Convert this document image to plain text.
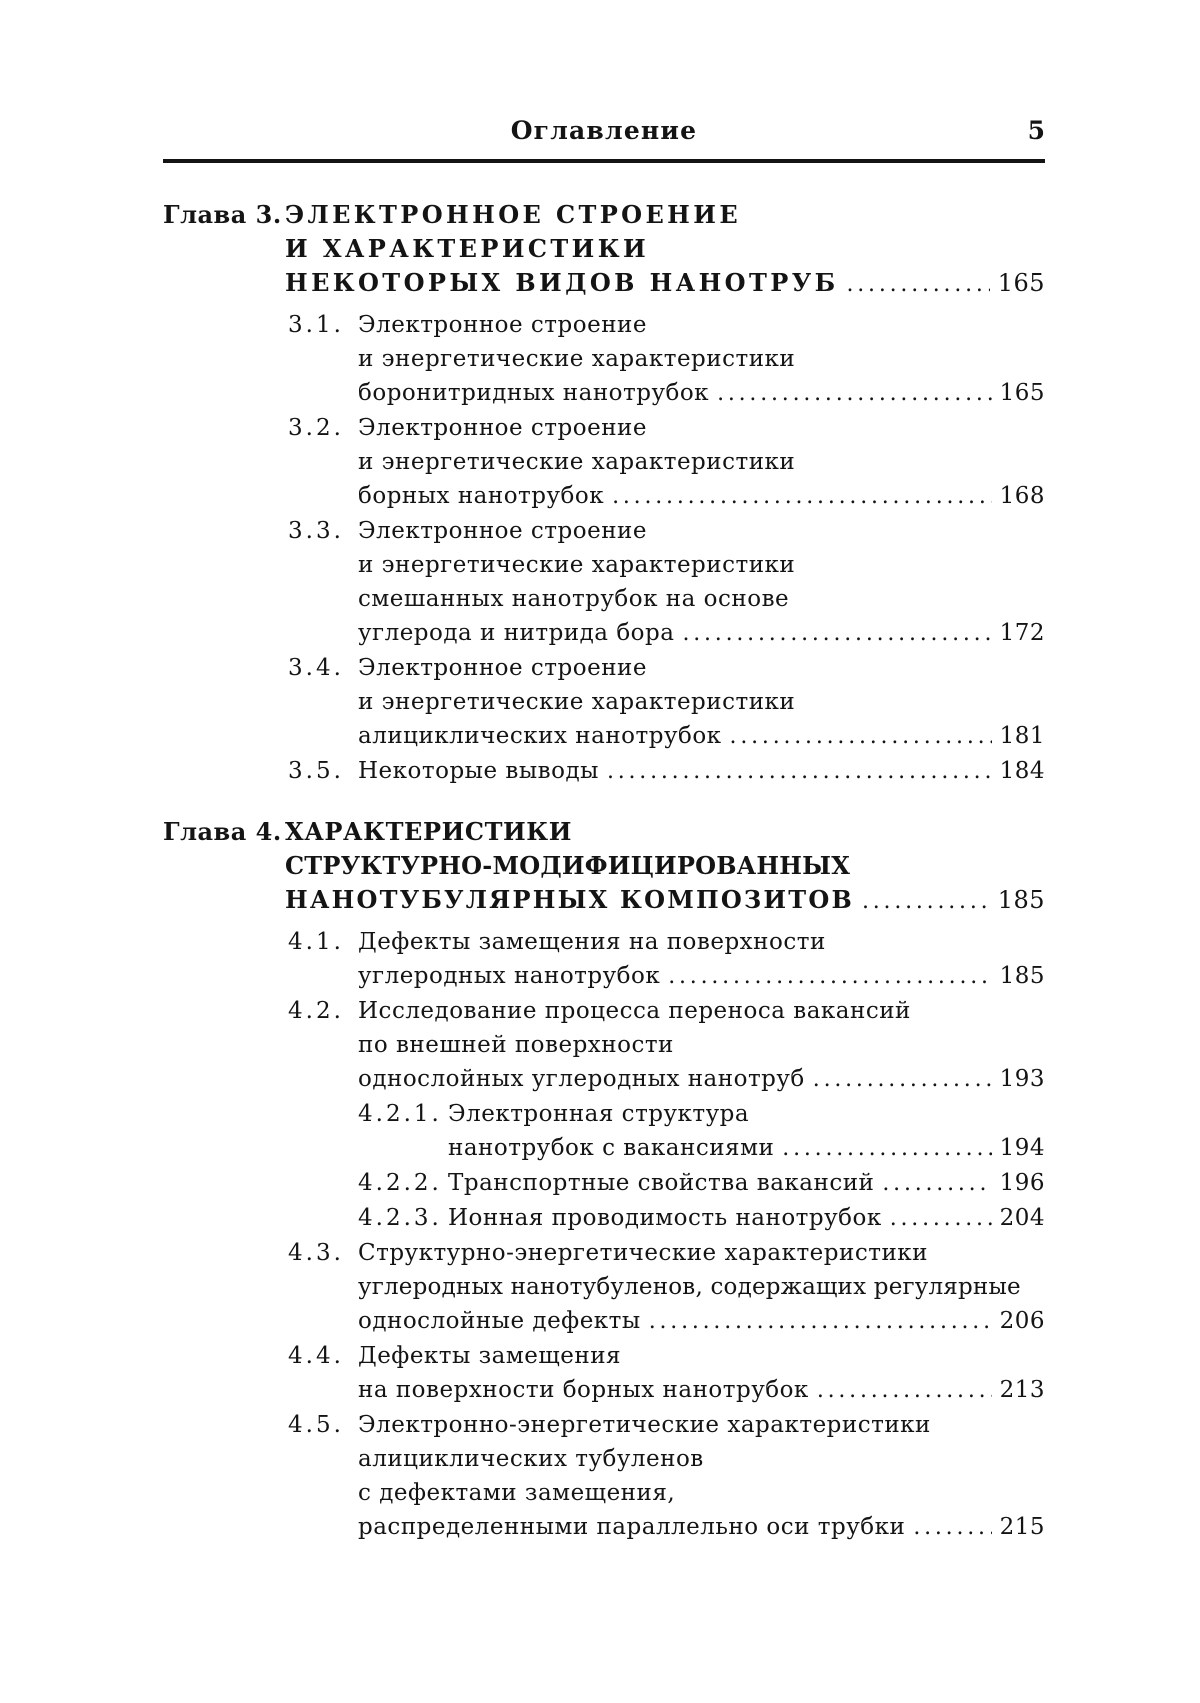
Оглавление	5
Глава 3. ЭЛЕКТРОННОЕ СТРОЕНИЕ
И ХАРАКТЕРИСТИКИ
НЕКОТОРЫХ ВИДОВ НАНОТРУБ . . .	165
3.1. Электронное строение
и энергетические характеристики
боронитридных нанотрубок . . .	165
3.2. Электронное строение
и энергетические характеристики
борных нанотрубок . . .	168
3.3. Электронное строение
и энергетические характеристики
смешанных нанотрубок на основе
углерода и нитрида бора . . .	172
3.4. Электронное строение
и энергетические характеристики
алициклических нанотрубок . . .	181
3.5. Некоторые выводы . . .	184
Глава 4. ХАРАКТЕРИСТИКИ
СТРУКТУРНО-МОДИФИЦИРОВАННЫХ
НАНОТУБУЛЯРНЫХ КОМПОЗИТОВ . . .	185
4.1. Дефекты замещения на поверхности
углеродных нанотрубок . . .	185
4.2. Исследование процесса переноса вакансий
по внешней поверхности
однослойных углеродных нанотруб . . .	193
4.2.1. Электронная структура
нанотрубок с вакансиями . . .	194
4.2.2. Транспортные свойства вакансий . . .	196
4.2.3. Ионная проводимость нанотрубок . . .	204
4.3. Структурно-энергетические характеристики
углеродных нанотубуленов, содержащих регулярные
однослойные дефекты . . .	206
4.4. Дефекты замещения
на поверхности борных нанотрубок . . .	213
4.5. Электронно-энергетические характеристики
алициклических тубуленов
с дефектами замещения,
распределенными параллельно оси трубки . . .	215
